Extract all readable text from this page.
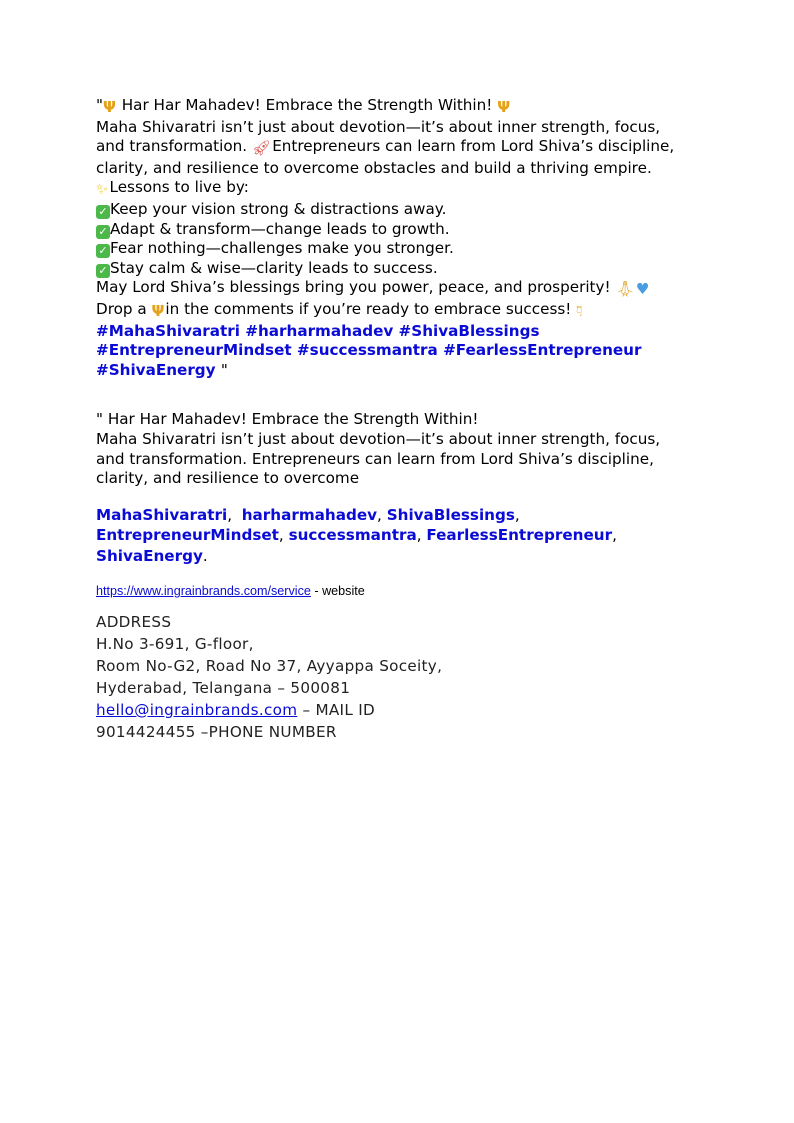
"Ψ Har Har Mahadev! Embrace the Strength Within! Ψ
Maha Shivaratri isn’t just about devotion—it’s about inner strength, focus,
and transformation. 🚀︎Entrepreneurs can learn from Lord Shiva’s discipline,
clarity, and resilience to overcome obstacles and build a thriving empire.
✨︎Lessons to live by:
✓ Keep your vision strong & distractions away.
✓ Adapt & transform—change leads to growth.
✓ Fear nothing—challenges make you stronger.
✓ Stay calm & wise—clarity leads to success.
May Lord Shiva’s blessings bring you power, peace, and prosperity! 🙏︎♥
Drop a Ψin the comments if you’re ready to embrace success! 👇︎
#MahaShivaratri #harharmahadev #ShivaBlessings
#EntrepreneurMindset #successmantra #FearlessEntrepreneur
#ShivaEnergy "
" Har Har Mahadev! Embrace the Strength Within!
Maha Shivaratri isn’t just about devotion—it’s about inner strength, focus,
and transformation. Entrepreneurs can learn from Lord Shiva’s discipline,
clarity, and resilience to overcome
MahaShivaratri,  harharmahadev, ShivaBlessings,
EntrepreneurMindset, successmantra, FearlessEntrepreneur,
ShivaEnergy.
https://www.ingrainbrands.com/service - website
ADDRESS
H.No 3-691, G-floor,
Room No-G2, Road No 37, Ayyappa Soceity,
Hyderabad, Telangana – 500081
hello@ingrainbrands.com – MAIL ID
9014424455 –PHONE NUMBER
